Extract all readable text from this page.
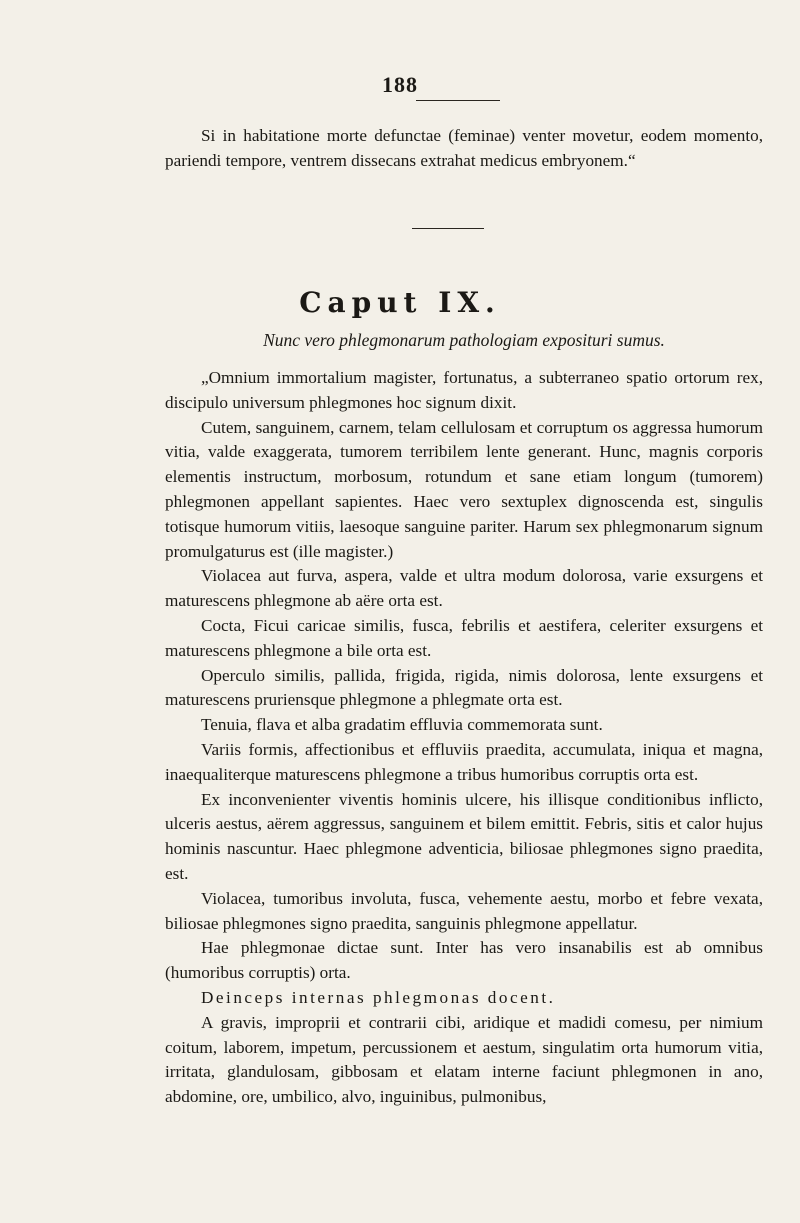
188

Si in habitatione morte defunctae (feminae) venter movetur, eodem momento, pariendi tempore, ventrem dissecans extrahat medicus embryonem.“

Caput IX.
Nunc vero phlegmonarum pathologiam exposituri sumus.

„Omnium immortalium magister, fortunatus, a subterraneo spatio ortorum rex, discipulo universum phlegmones hoc signum dixit.

Cutem, sanguinem, carnem, telam cellulosam et corruptum os aggressa humorum vitia, valde exaggerata, tumorem terribilem lente generant. Hunc, magnis corporis elementis instructum, morbosum, rotundum et sane etiam longum (tumorem) phlegmonen appellant sapientes. Haec vero sextuplex dignoscenda est, singulis totisque humorum vitiis, laesoque sanguine pariter. Harum sex phlegmonarum signum promulgaturus est (ille magister.)

Violacea aut furva, aspera, valde et ultra modum dolorosa, varie exsurgens et maturescens phlegmone ab aëre orta est.

Cocta, Ficui caricae similis, fusca, febrilis et aestifera, celeriter exsurgens et maturescens phlegmone a bile orta est.

Operculo similis, pallida, frigida, rigida, nimis dolorosa, lente exsurgens et maturescens pruriensque phlegmone a phlegmate orta est.

Tenuia, flava et alba gradatim effluvia commemorata sunt.

Variis formis, affectionibus et effluviis praedita, accumulata, iniqua et magna, inaequaliterque maturescens phlegmone a tribus humoribus corruptis orta est.

Ex inconvenienter viventis hominis ulcere, his illisque conditionibus inflicto, ulceris aestus, aërem aggressus, sanguinem et bilem emittit. Febris, sitis et calor hujus hominis nascuntur. Haec phlegmone adventicia, biliosae phlegmones signo praedita, est.

Violacea, tumoribus involuta, fusca, vehemente aestu, morbo et febre vexata, biliosae phlegmones signo praedita, sanguinis phlegmone appellatur.

Hae phlegmonae dictae sunt. Inter has vero insanabilis est ab omnibus (humoribus corruptis) orta.

Deinceps internas phlegmonas docent.

A gravis, improprii et contrarii cibi, aridique et madidi comesu, per nimium coitum, laborem, impetum, percussionem et aestum, singulatim orta humorum vitia, irritata, glandulosam, gibbosam et elatam interne faciunt phlegmonen in ano, abdomine, ore, umbilico, alvo, inguinibus, pulmonibus,
